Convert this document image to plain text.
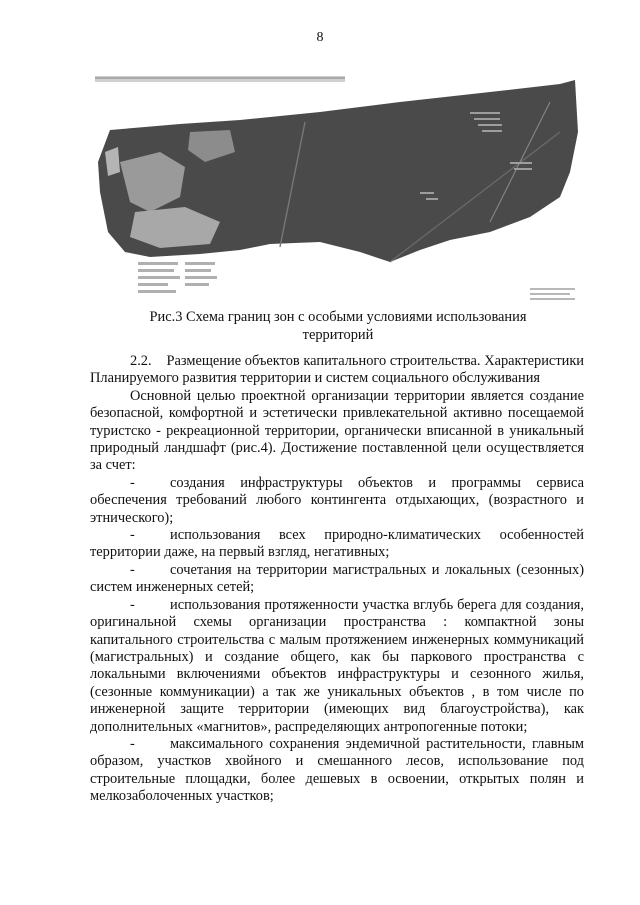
8
Рис.3 Схема границ зон с особыми условиями использования территорий

2.2. Размещение объектов капитального строительства. Характеристики Планируемого развития территории и систем социального обслуживания

Основной целью проектной организации территории является создание безопасной, комфортной и эстетически привлекательной активно посещаемой туристско - рекреационной территории, органически вписанной в уникальный природный ландшафт (рис.4). Достижение поставленной цели осуществляется за счет:

- создания инфраструктуры объектов и программы сервиса обеспечения требований любого контингента отдыхающих, (возрастного и этнического);

- использования всех природно-климатических особенностей территории даже, на первый взгляд, негативных;

- сочетания на территории магистральных и локальных (сезонных) систем инженерных сетей;

- использования протяженности участка вглубь берега для создания, оригинальной схемы организации пространства : компактной зоны капитального строительства с малым протяжением инженерных коммуникаций (магистральных) и создание общего, как бы паркового пространства с локальными включениями объектов инфраструктуры и сезонного жилья, (сезонные коммуникации) а так же уникальных объектов , в том числе по инженерной защите территории (имеющих вид благоустройства), как дополнительных «магнитов», распределяющих антропогенные потоки;

- максимального сохранения эндемичной растительности, главным образом, участков хвойного и смешанного лесов, использование под строительные площадки, более дешевых в освоении, открытых полян и мелкозаболоченных участков;
